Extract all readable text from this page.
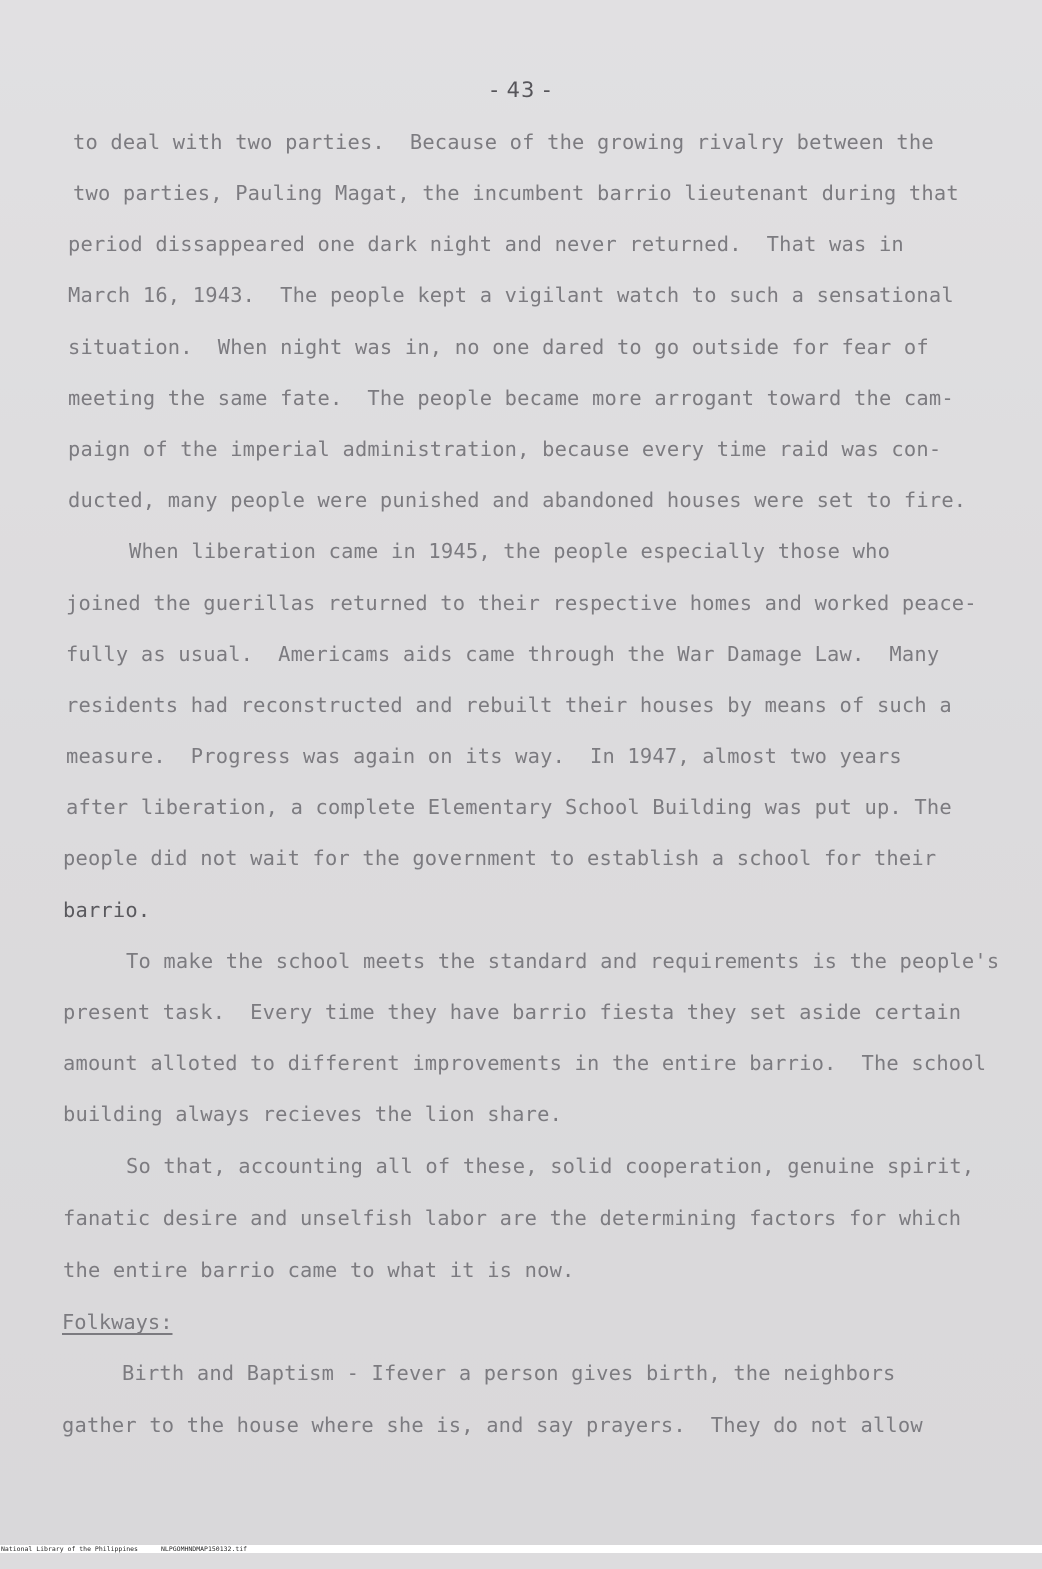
- 43 -
to deal with two parties.  Because of the growing rivalry between the
two parties, Pauling Magat, the incumbent barrio lieutenant during that
period dissappeared one dark night and never returned.  That was in
March 16, 1943.  The people kept a vigilant watch to such a sensational
situation.  When night was in, no one dared to go outside for fear of
meeting the same fate.  The people became more arrogant toward the cam-
paign of the imperial administration, because every time raid was con-
ducted, many people were punished and abandoned houses were set to fire.
When liberation came in 1945, the people especially those who
joined the guerillas returned to their respective homes and worked peace-
fully as usual.  Americams aids came through the War Damage Law.  Many
residents had reconstructed and rebuilt their houses by means of such a
measure.  Progress was again on its way.  In 1947, almost two years
after liberation, a complete Elementary School Building was put up. The
people did not wait for the government to establish a school for their
barrio.
To make the school meets the standard and requirements is the people's
present task.  Every time they have barrio fiesta they set aside certain
amount alloted to different improvements in the entire barrio.  The school
building always recieves the lion share.
So that, accounting all of these, solid cooperation, genuine spirit,
fanatic desire and unselfish labor are the determining factors for which
the entire barrio came to what it is now.
Folkways:
Birth and Baptism - Ifever a person gives birth, the neighbors
gather to the house where she is, and say prayers.  They do not allow

National Library of the Philippines

	NLPGOMHNDMAP150132.tif
